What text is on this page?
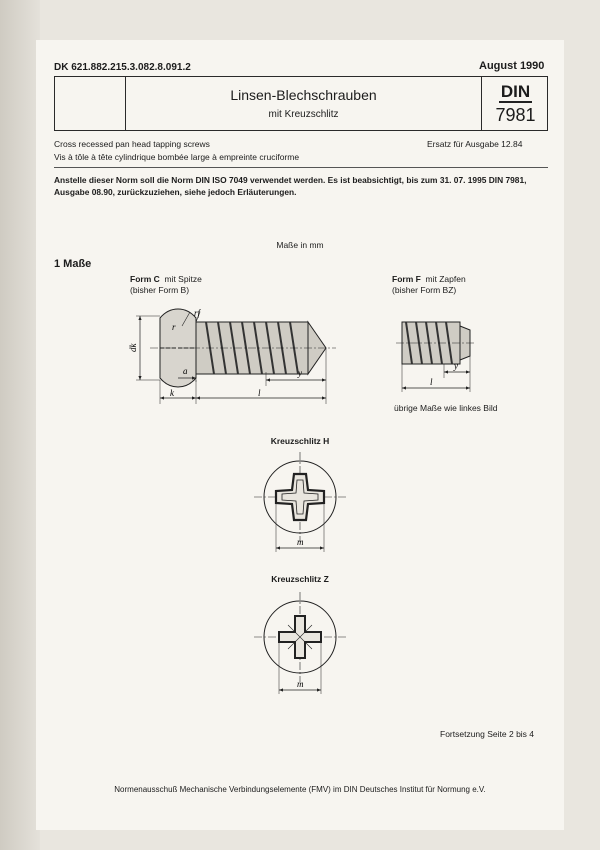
DK 621.882.215.3.082.8.091.2	August 1990
Linsen-Blechschrauben
mit Kreuzschlitz
DIN
7981
Cross recessed pan head tapping screws
Vis à tôle à tête cylindrique bombée large à empreinte cruciforme
Ersatz für Ausgabe 12.84
Anstelle dieser Norm soll die Norm DIN ISO 7049 verwendet werden. Es ist beabsichtigt, bis zum 31. 07. 1995 DIN 7981, Ausgabe 08.90, zurückzuziehen, siehe jedoch Erläuterungen.
Maße in mm
1 Maße
Form C mit Spitze
(bisher Form B)
Form F mit Zapfen
(bisher Form BZ)
übrige Maße wie linkes Bild
Kreuzschlitz H
Kreuzschlitz Z
Fortsetzung Seite 2 bis 4
Normenausschuß Mechanische Verbindungselemente (FMV) im DIN Deutsches Institut für Normung e.V.
dk
r
rf
a	y
k	l
y
l
m
m
